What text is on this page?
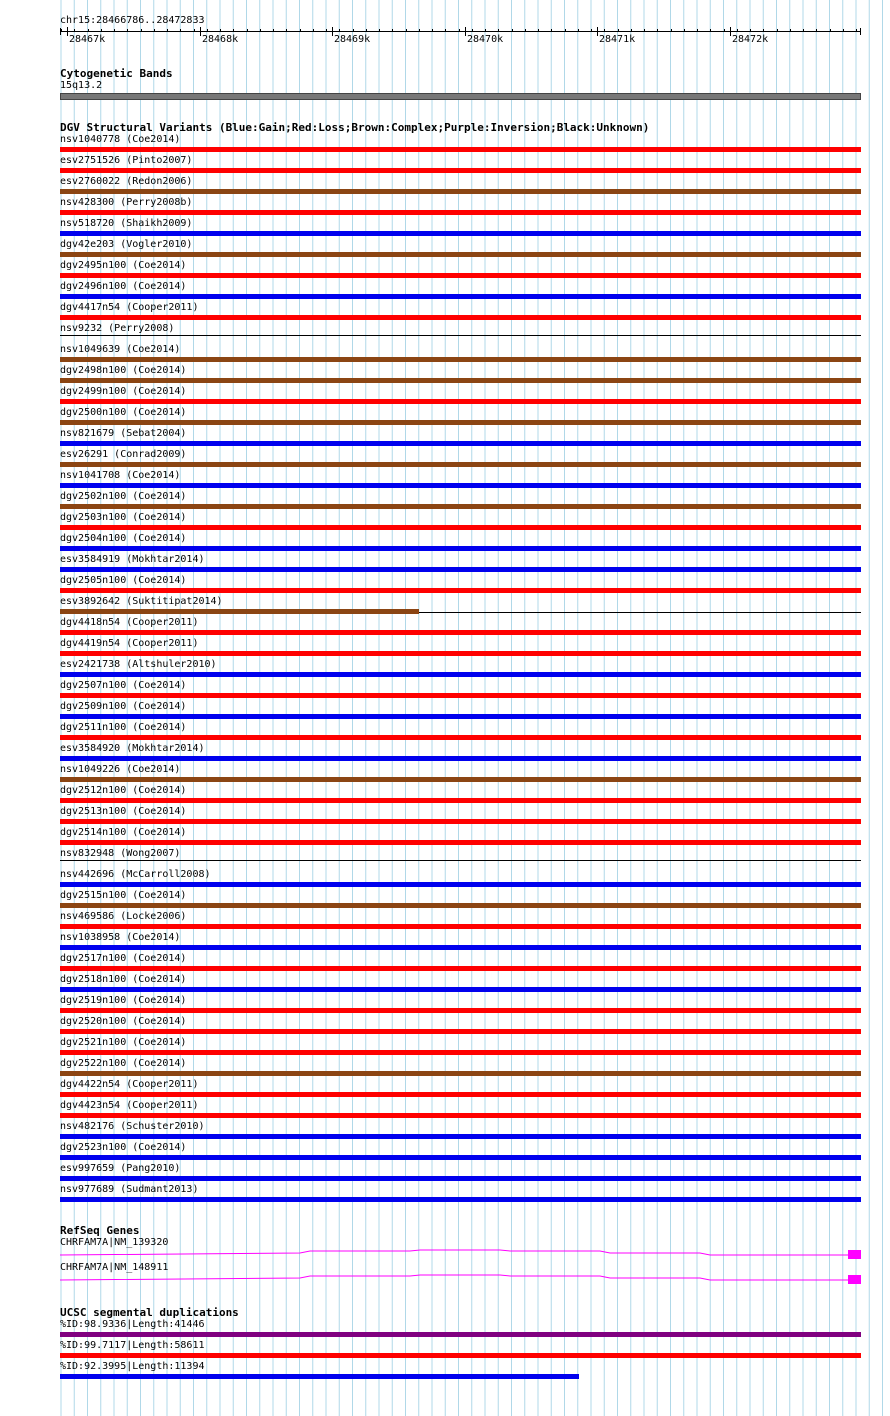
chr15:28466786..28472833
28467k	28468k	28469k	28470k	28471k	28472k
Cytogenetic Bands
15q13.2
DGV Structural Variants (Blue:Gain;Red:Loss;Brown:Complex;Purple:Inversion;Black:Unknown)
nsv1040778 (Coe2014)
esv2751526 (Pinto2007)
esv2760022 (Redon2006)
nsv428300 (Perry2008b)
nsv518720 (Shaikh2009)
dgv42e203 (Vogler2010)
dgv2495n100 (Coe2014)
dgv2496n100 (Coe2014)
dgv4417n54 (Cooper2011)
nsv9232 (Perry2008)
nsv1049639 (Coe2014)
dgv2498n100 (Coe2014)
dgv2499n100 (Coe2014)
dgv2500n100 (Coe2014)
nsv821679 (Sebat2004)
esv26291 (Conrad2009)
nsv1041708 (Coe2014)
dgv2502n100 (Coe2014)
dgv2503n100 (Coe2014)
dgv2504n100 (Coe2014)
esv3584919 (Mokhtar2014)
dgv2505n100 (Coe2014)
esv3892642 (Suktitipat2014)
dgv4418n54 (Cooper2011)
dgv4419n54 (Cooper2011)
esv2421738 (Altshuler2010)
dgv2507n100 (Coe2014)
dgv2509n100 (Coe2014)
dgv2511n100 (Coe2014)
esv3584920 (Mokhtar2014)
nsv1049226 (Coe2014)
dgv2512n100 (Coe2014)
dgv2513n100 (Coe2014)
dgv2514n100 (Coe2014)
nsv832948 (Wong2007)
nsv442696 (McCarroll2008)
dgv2515n100 (Coe2014)
nsv469586 (Locke2006)
nsv1038958 (Coe2014)
dgv2517n100 (Coe2014)
dgv2518n100 (Coe2014)
dgv2519n100 (Coe2014)
dgv2520n100 (Coe2014)
dgv2521n100 (Coe2014)
dgv2522n100 (Coe2014)
dgv4422n54 (Cooper2011)
dgv4423n54 (Cooper2011)
nsv482176 (Schuster2010)
dgv2523n100 (Coe2014)
esv997659 (Pang2010)
nsv977689 (Sudmant2013)
RefSeq Genes
CHRFAM7A|NM_139320
CHRFAM7A|NM_148911
UCSC segmental duplications
%ID:98.9336|Length:41446
%ID:99.7117|Length:58611
%ID:92.3995|Length:11394
